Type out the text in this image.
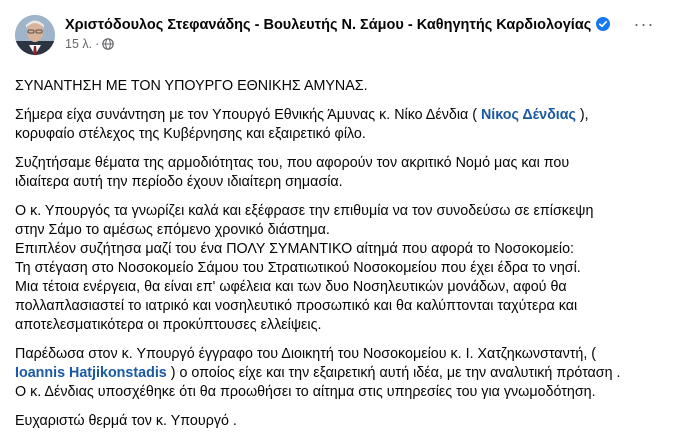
Χριστόδουλος Στεφανάδης - Βουλευτής Ν. Σάμου - Καθηγητής Καρδιολογίας
15 λ. ·
···

ΣΥΝΑΝΤΗΣΗ ΜΕ ΤΟΝ ΥΠΟΥΡΓΟ ΕΘΝΙΚΗΣ ΑΜΥΝΑΣ.

Σήμερα είχα συνάντηση με τον Υπουργό Εθνικής Άμυνας κ. Νίκο Δένδια ( Νίκος Δένδιας ),
κορυφαίο στέλεχος της Κυβέρνησης και εξαιρετικό φίλο.

Συζητήσαμε θέματα της αρμοδιότητας του, που αφορούν τον ακριτικό Νομό μας και που
ιδιαίτερα αυτή την περίοδο έχουν ιδιαίτερη σημασία.

Ο κ. Υπουργός τα γνωρίζει καλά και εξέφρασε την επιθυμία να τον συνοδεύσω σε επίσκεψη
στην Σάμο το αμέσως επόμενο χρονικό διάστημα.
Επιπλέον συζήτησα μαζί του ένα ΠΟΛΥ ΣΥΜΑΝΤΙΚΟ αίτημά που αφορά το Νοσοκομείο:
Τη στέγαση στο Νοσοκομείο Σάμου του Στρατιωτικού Νοσοκομείου που έχει έδρα το νησί.
Μια τέτοια ενέργεια, θα είναι επ' ωφέλεια και των δυο Νοσηλευτικών μονάδων, αφού θα
πολλαπλασιαστεί το ιατρικό και νοσηλευτικό προσωπικό και θα καλύπτονται ταχύτερα και
αποτελεσματικότερα οι προκύπτουσες ελλείψεις.

Παρέδωσα στον κ. Υπουργό έγγραφο του Διοικητή του Νοσοκομείου κ. Ι. Χατζηκωνσταντή, (
Ioannis Hatjikonstadis ) ο οποίος είχε και την εξαιρετική αυτή ιδέα, με την αναλυτική πρόταση .
Ο κ. Δένδιας υποσχέθηκε ότι θα προωθήσει το αίτημα στις υπηρεσίες του για γνωμοδότηση.

Ευχαριστώ θερμά τον κ. Υπουργό .
